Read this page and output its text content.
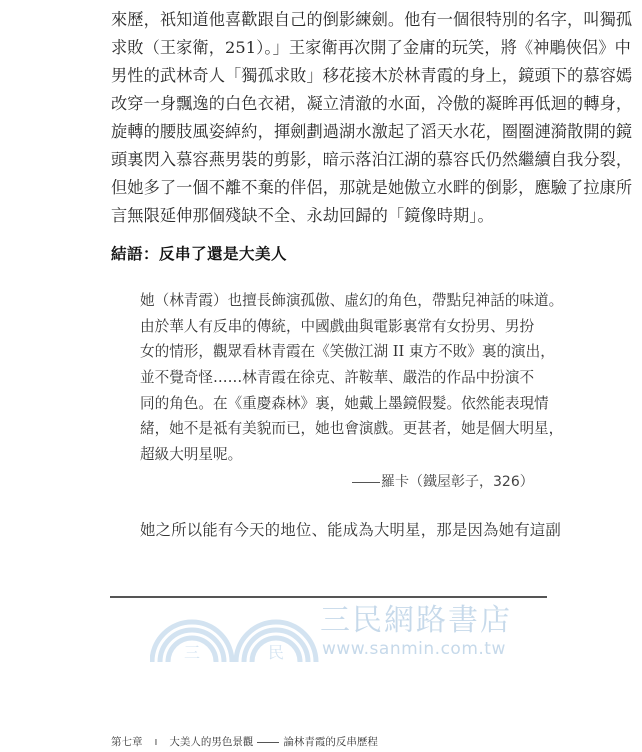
來歷，祇知道他喜歡跟自己的倒影練劍。他有一個很特別的名字，叫獨孤
求敗（王家衛，251）。」王家衛再次開了金庸的玩笑，將《神鵰俠侶》中
男性的武林奇人「獨孤求敗」移花接木於林青霞的身上，鏡頭下的慕容嫣
改穿一身飄逸的白色衣裙，凝立清澈的水面，冷傲的凝眸再低迴的轉身，
旋轉的腰肢風姿綽約，揮劍劃過湖水激起了滔天水花，圈圈漣漪散開的鏡
頭裏閃入慕容燕男裝的剪影，暗示落泊江湖的慕容氏仍然繼續自我分裂，
但她多了一個不離不棄的伴侶，那就是她傲立水畔的倒影，應驗了拉康所
言無限延伸那個殘缺不全、永劫回歸的「鏡像時期」。
結語：反串了還是大美人
她（林青霞）也擅長飾演孤傲、虛幻的角色，帶點兒神話的味道。
由於華人有反串的傳統，中國戲曲與電影裏常有女扮男、男扮
女的情形，觀眾看林青霞在《笑傲江湖 II 東方不敗》裏的演出，
並不覺奇怪……林青霞在徐克、許鞍華、嚴浩的作品中扮演不
同的角色。在《重慶森林》裏，她戴上墨鏡假髮。依然能表現情
緒，她不是祗有美貌而已，她也會演戲。更甚者，她是個大明星，
超級大明星呢。
羅卡（鐵屋彰子，326）
她之所以能有今天的地位、能成為大明星，那是因為她有這副
三	民
三民網路書店
www.sanmin.com.tw
第七章 ı 大美人的男色景觀	論林青霞的反串歷程
